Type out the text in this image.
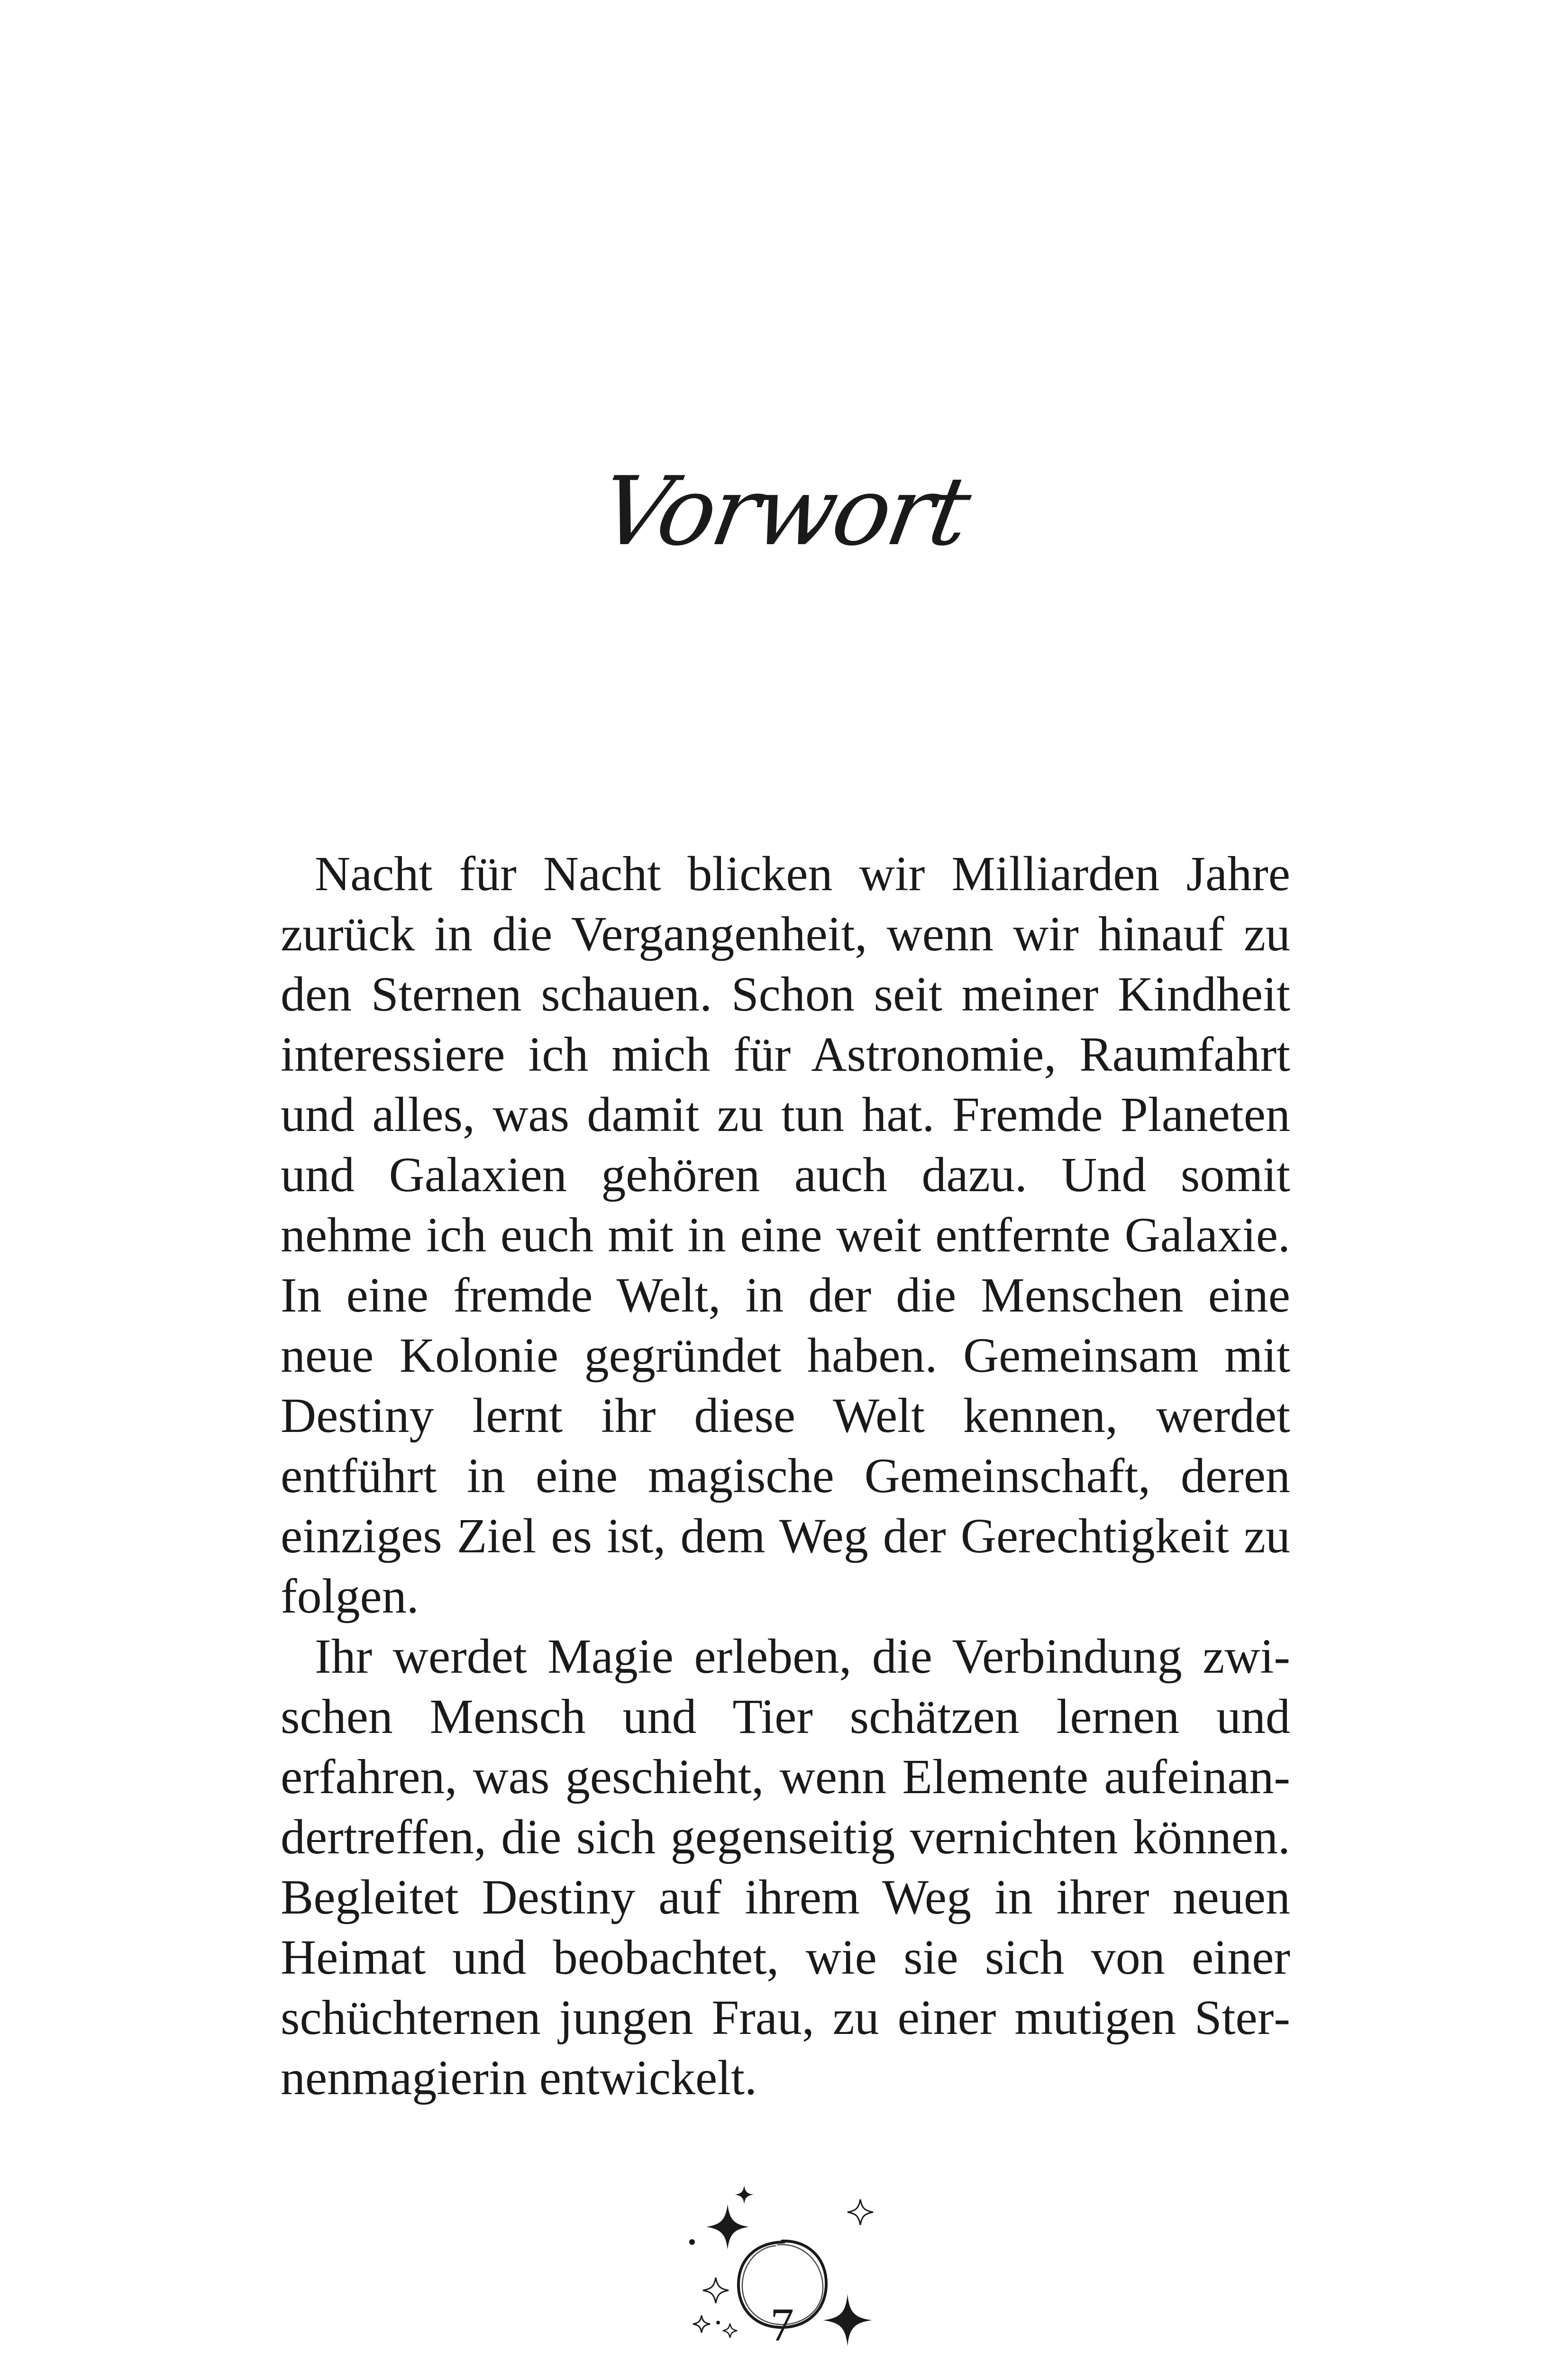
Vorwort

Nacht für Nacht blicken wir Milliarden Jahre zurück in die Vergangenheit, wenn wir hinauf zu den Sternen schauen. Schon seit meiner Kindheit interessiere ich mich für Astronomie, Raumfahrt und alles, was damit zu tun hat. Fremde Planeten und Galaxien gehören auch dazu. Und somit nehme ich euch mit in eine weit entfernte Galaxie. In eine fremde Welt, in der die Menschen eine neue Kolonie gegründet haben. Gemeinsam mit Destiny lernt ihr diese Welt kennen, werdet entführt in eine magische Gemeinschaft, deren einziges Ziel es ist, dem Weg der Gerechtigkeit zu folgen.

Ihr werdet Magie erleben, die Verbindung zwischen Mensch und Tier schätzen lernen und erfahren, was geschieht, wenn Elemente aufeinandertreffen, die sich gegenseitig vernichten können. Begleitet Destiny auf ihrem Weg in ihrer neuen Heimat und beobachtet, wie sie sich von einer schüchternen jungen Frau, zu einer mutigen Sternenmagierin entwickelt.

7
